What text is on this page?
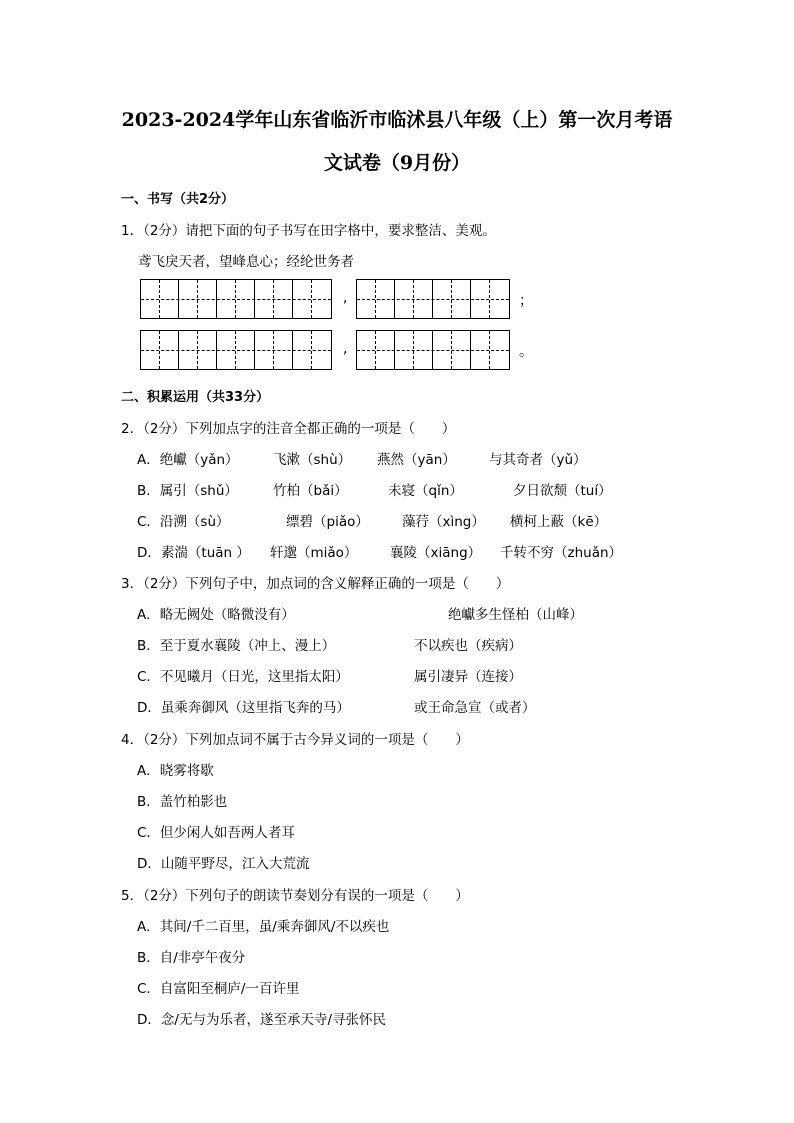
2023-2024学年山东省临沂市临沭县八年级（上）第一次月考语
文试卷（9月份）
一、书写（共2分）
1．（2分）请把下面的句子书写在田字格中，要求整洁、美观。
鸢飞戾天者，望峰息心；经纶世务者
,	；
,	。
二、积累运用（共33分）
2．（2分）下列加点字的注音全都正确的一项是（　　）
A．绝巘（yǎn）	飞漱（shù） 燕然（yān） 与其奇者（yǔ）
B．属引（shǔ）	竹柏（bǎi）	未寝（qǐn）	夕日欲颓（tuí）
C．沿溯（sù）	缥碧（piǎo） 藻荇（xìng） 横柯上蔽（kē）
D．素湍（tuān ） 轩邈（miǎo） 襄陵（xiāng） 千转不穷（zhuǎn）
3．（2分）下列句子中，加点词的含义解释正确的一项是（　　）
A．略无阙处（略微没有）	绝巘多生怪柏（山峰）
B．至于夏水襄陵（冲上、漫上）	不以疾也（疾病）
C．不见曦月（日光，这里指太阳）	属引凄异（连接）
D．虽乘奔御风（这里指飞奔的马）	或王命急宣（或者）
4．（2分）下列加点词不属于古今异义词的一项是（　　）
A．晓雾将歇
B．盖竹柏影也
C．但少闲人如吾两人者耳
D．山随平野尽，江入大荒流
5．（2分）下列句子的朗读节奏划分有误的一项是（　　）
A．其间/千二百里，虽/乘奔御风/不以疾也
B．自/非亭午夜分
C．自富阳至桐庐/一百许里
D．念/无与为乐者，遂至承天寺/寻张怀民
